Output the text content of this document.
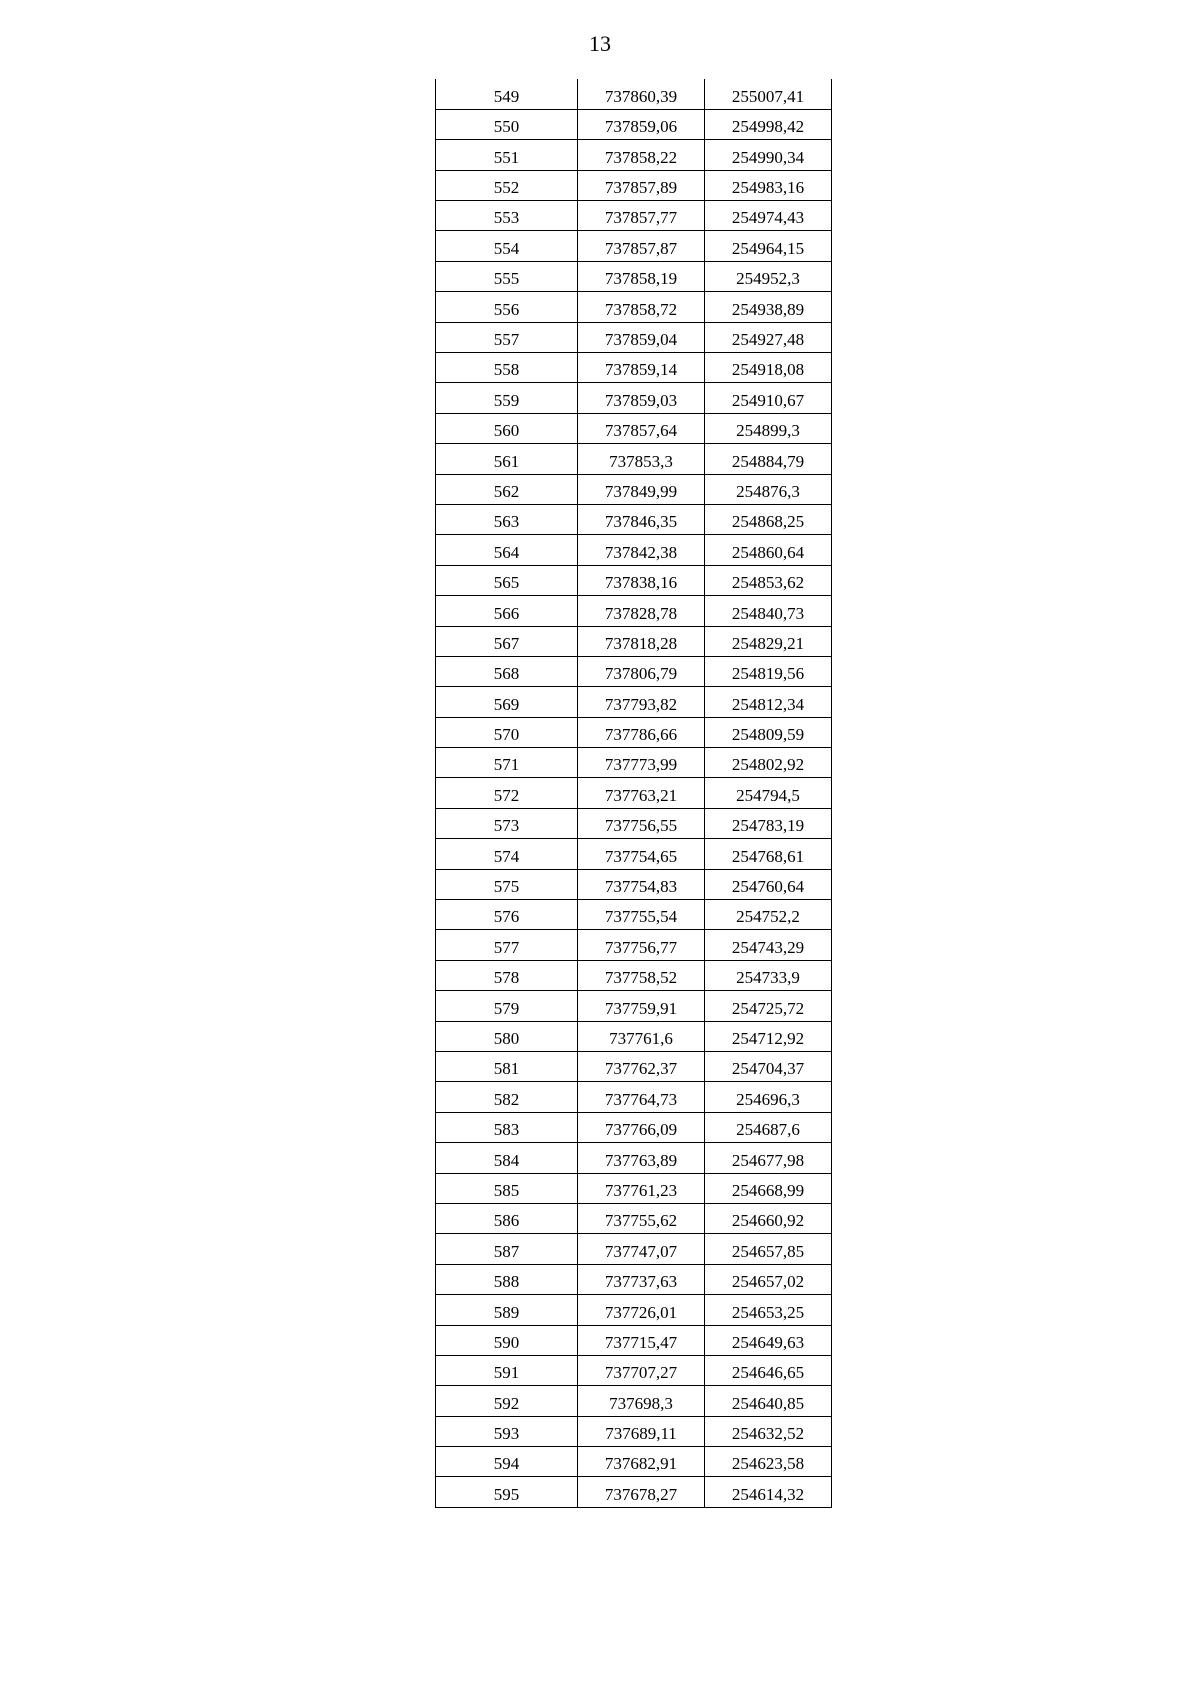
13
549	737860,39	255007,41
550	737859,06	254998,42
551	737858,22	254990,34
552	737857,89	254983,16
553	737857,77	254974,43
554	737857,87	254964,15
555	737858,19	254952,3
556	737858,72	254938,89
557	737859,04	254927,48
558	737859,14	254918,08
559	737859,03	254910,67
560	737857,64	254899,3
561	737853,3	254884,79
562	737849,99	254876,3
563	737846,35	254868,25
564	737842,38	254860,64
565	737838,16	254853,62
566	737828,78	254840,73
567	737818,28	254829,21
568	737806,79	254819,56
569	737793,82	254812,34
570	737786,66	254809,59
571	737773,99	254802,92
572	737763,21	254794,5
573	737756,55	254783,19
574	737754,65	254768,61
575	737754,83	254760,64
576	737755,54	254752,2
577	737756,77	254743,29
578	737758,52	254733,9
579	737759,91	254725,72
580	737761,6	254712,92
581	737762,37	254704,37
582	737764,73	254696,3
583	737766,09	254687,6
584	737763,89	254677,98
585	737761,23	254668,99
586	737755,62	254660,92
587	737747,07	254657,85
588	737737,63	254657,02
589	737726,01	254653,25
590	737715,47	254649,63
591	737707,27	254646,65
592	737698,3	254640,85
593	737689,11	254632,52
594	737682,91	254623,58
595	737678,27	254614,32
